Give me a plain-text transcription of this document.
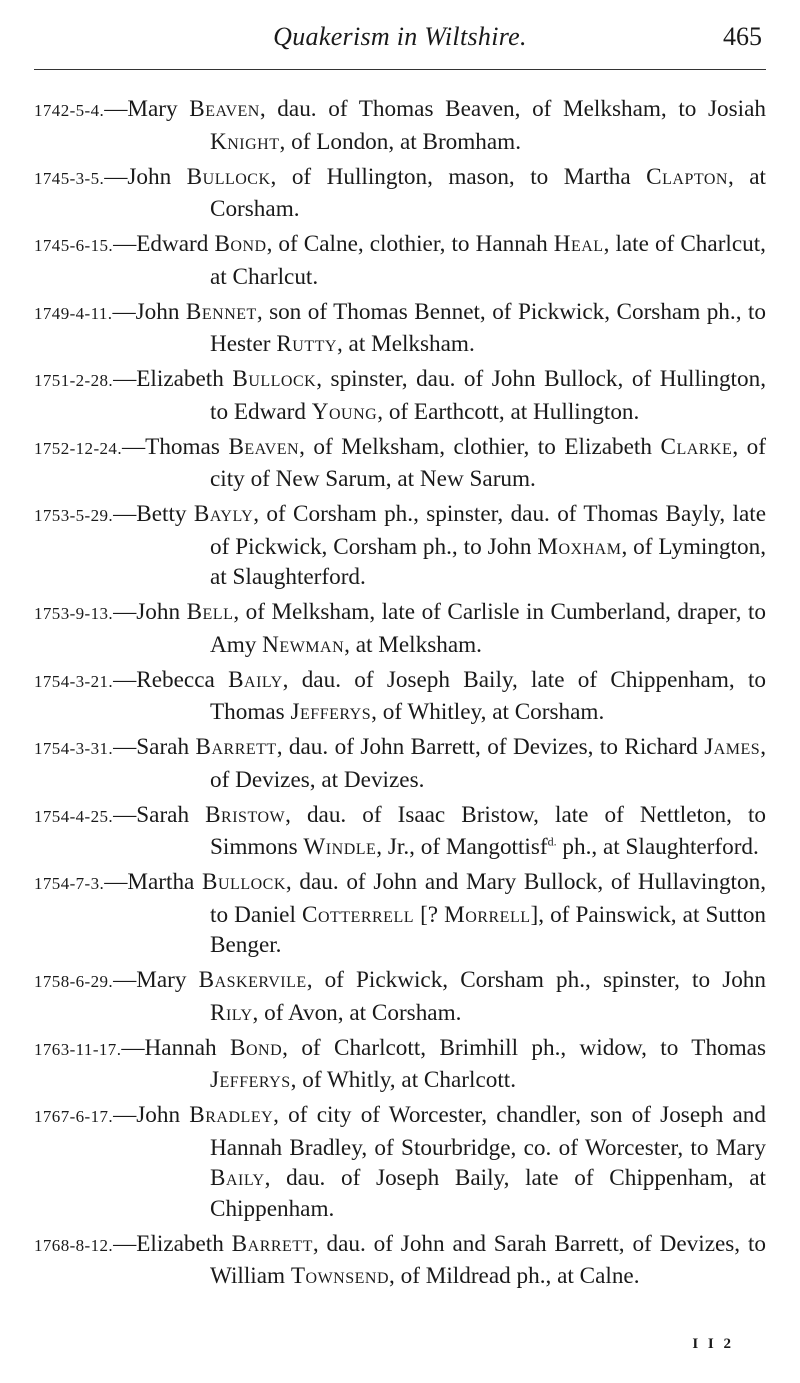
Quakerism in Wiltshire.	465

1742-5-4.—Mary Beaven, dau. of Thomas Beaven, of Melksham, to Josiah Knight, of London, at Bromham.

1745-3-5.—John Bullock, of Hullington, mason, to Martha Clapton, at Corsham.

1745-6-15.—Edward Bond, of Calne, clothier, to Hannah Heal, late of Charlcut, at Charlcut.

1749-4-11.—John Bennet, son of Thomas Bennet, of Pickwick, Corsham ph., to Hester Rutty, at Melksham.

1751-2-28.—Elizabeth Bullock, spinster, dau. of John Bullock, of Hullington, to Edward Young, of Earthcott, at Hullington.

1752-12-24.—Thomas Beaven, of Melksham, clothier, to Elizabeth Clarke, of city of New Sarum, at New Sarum.

1753-5-29.—Betty Bayly, of Corsham ph., spinster, dau. of Thomas Bayly, late of Pickwick, Corsham ph., to John Moxham, of Lymington, at Slaughterford.

1753-9-13.—John Bell, of Melksham, late of Carlisle in Cumberland, draper, to Amy Newman, at Melksham.

1754-3-21.—Rebecca Baily, dau. of Joseph Baily, late of Chippenham, to Thomas Jefferys, of Whitley, at Corsham.

1754-3-31.—Sarah Barrett, dau. of John Barrett, of Devizes, to Richard James, of Devizes, at Devizes.

1754-4-25.—Sarah Bristow, dau. of Isaac Bristow, late of Nettleton, to Simmons Windle, Jr., of Mangottisf$^{d.}$ ph., at Slaughterford.

1754-7-3.—Martha Bullock, dau. of John and Mary Bullock, of Hullavington, to Daniel Cotterrell [? Morrell], of Painswick, at Sutton Benger.

1758-6-29.—Mary Baskervile, of Pickwick, Corsham ph., spinster, to John Rily, of Avon, at Corsham.

1763-11-17.—Hannah Bond, of Charlcott, Brimhill ph., widow, to Thomas Jefferys, of Whitly, at Charlcott.

1767-6-17.—John Bradley, of city of Worcester, chandler, son of Joseph and Hannah Bradley, of Stourbridge, co. of Worcester, to Mary Baily, dau. of Joseph Baily, late of Chippenham, at Chippenham.

1768-8-12.—Elizabeth Barrett, dau. of John and Sarah Barrett, of Devizes, to William Townsend, of Mildread ph., at Calne.

I I 2
